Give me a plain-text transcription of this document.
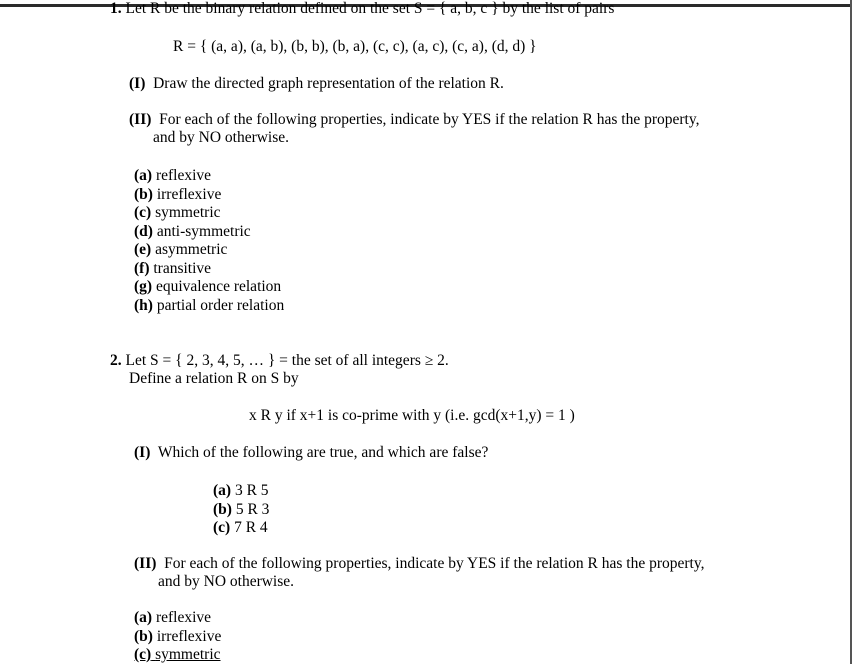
1. Let R be the binary relation defined on the set S = { a, b, c } by the list of pairs
R = { (a, a), (a, b), (b, b), (b, a), (c, c), (a, c), (c, a), (d, d) }
(I) Draw the directed graph representation of the relation R.
(II) For each of the following properties, indicate by YES if the relation R has the property,
and by NO otherwise.
(a) reflexive
(b) irreflexive
(c) symmetric
(d) anti-symmetric
(e) asymmetric
(f) transitive
(g) equivalence relation
(h) partial order relation
2. Let S = { 2, 3, 4, 5, … } = the set of all integers ≥ 2.
Define a relation R on S by
x R y if x+1 is co-prime with y (i.e. gcd(x+1,y) = 1 )
(I) Which of the following are true, and which are false?
(a) 3 R 5
(b) 5 R 3
(c) 7 R 4
(II) For each of the following properties, indicate by YES if the relation R has the property,
and by NO otherwise.
(a) reflexive
(b) irreflexive
(c) symmetric
